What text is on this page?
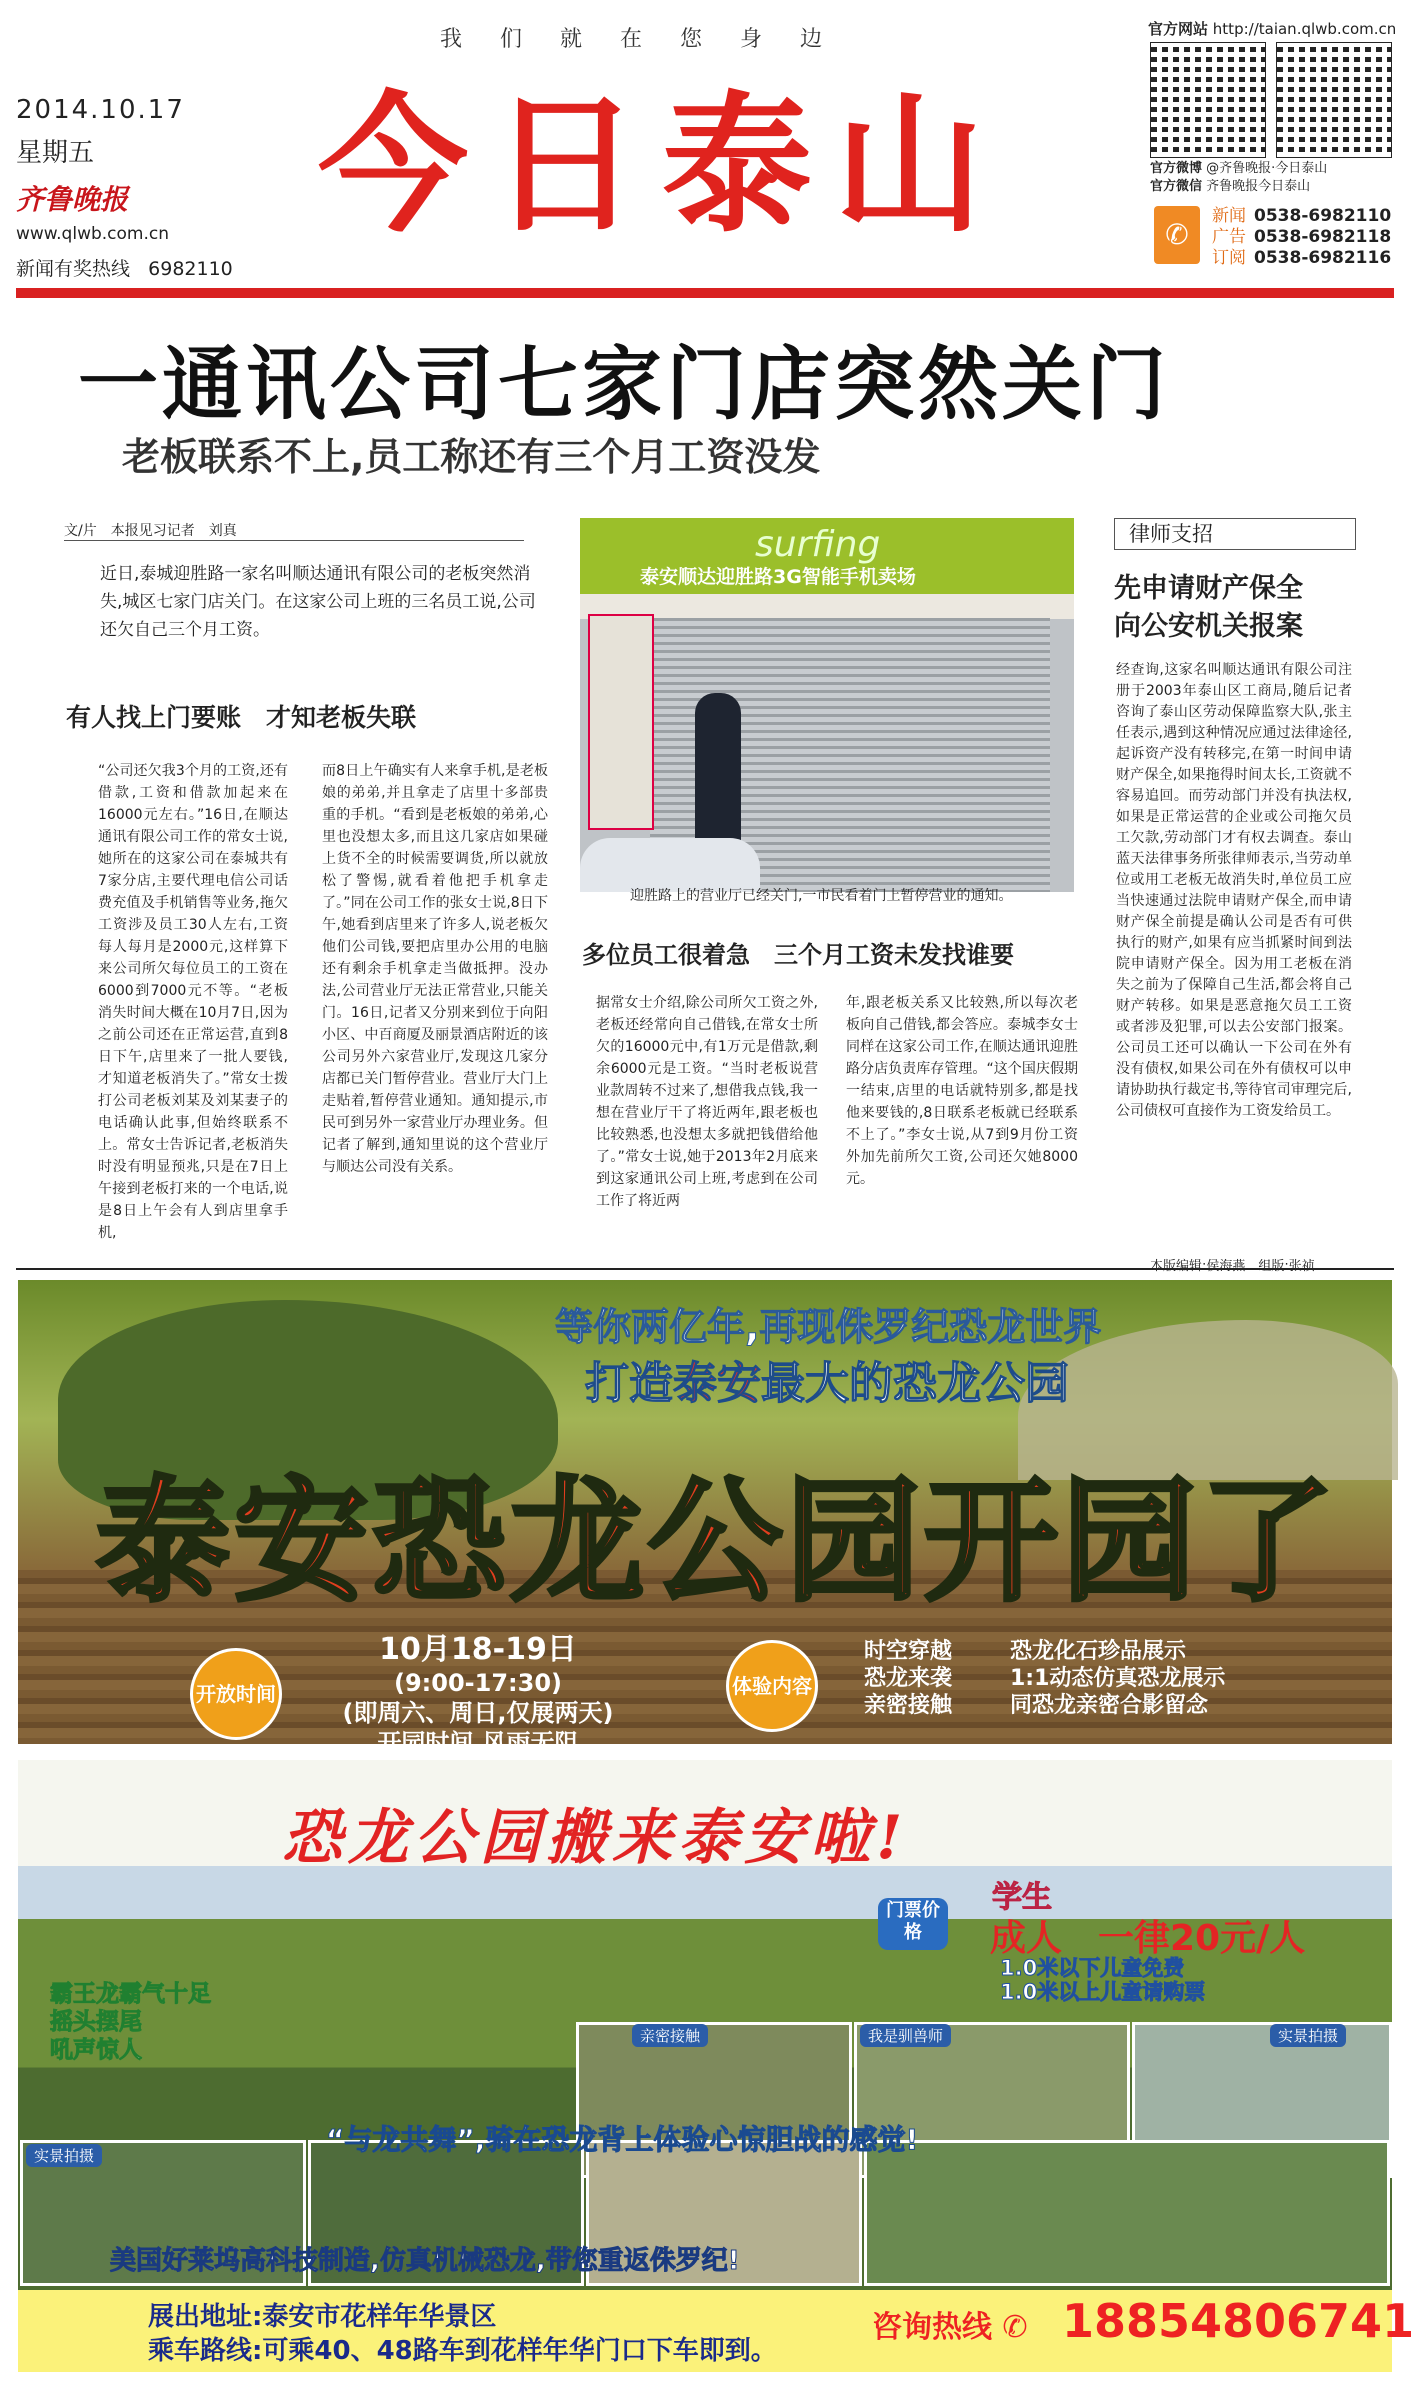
我们就在您身边
2014.10.17
星期五
齐鲁晚报
www.qlwb.com.cn
新闻有奖热线 6982110
今日泰山
官方网站 http://taian.qlwb.com.cn
官方微博 @齐鲁晚报·今日泰山
官方微信 齐鲁晚报今日泰山
✆
新闻 0538-6982110
广告 0538-6982118
订阅 0538-6982116
一通讯公司七家门店突然关门
老板联系不上,员工称还有三个月工资没发
文/片　本报见习记者　刘真
近日,泰城迎胜路一家名叫顺达通讯有限公司的老板突然消失,城区七家门店关门。在这家公司上班的三名员工说,公司还欠自己三个月工资。
有人找上门要账　才知老板失联
“公司还欠我3个月的工资,还有借款,工资和借款加起来在16000元左右。”16日,在顺达通讯有限公司工作的常女士说,她所在的这家公司在泰城共有7家分店,主要代理电信公司话费充值及手机销售等业务,拖欠工资涉及员工30人左右,工资每人每月是2000元,这样算下来公司所欠每位员工的工资在6000到7000元不等。“老板消失时间大概在10月7日,因为之前公司还在正常运营,直到8日下午,店里来了一批人要钱,才知道老板消失了。”常女士拨打公司老板刘某及刘某妻子的电话确认此事,但始终联系不上。常女士告诉记者,老板消失时没有明显预兆,只是在7日上午接到老板打来的一个电话,说是8日上午会有人到店里拿手机,
而8日上午确实有人来拿手机,是老板娘的弟弟,并且拿走了店里十多部贵重的手机。“看到是老板娘的弟弟,心里也没想太多,而且这几家店如果碰上货不全的时候需要调货,所以就放松了警惕,就看着他把手机拿走了。”同在公司工作的张女士说,8日下午,她看到店里来了许多人,说老板欠他们公司钱,要把店里办公用的电脑还有剩余手机拿走当做抵押。没办法,公司营业厅无法正常营业,只能关门。16日,记者又分别来到位于向阳小区、中百商厦及丽景酒店附近的该公司另外六家营业厅,发现这几家分店都已关门暂停营业。营业厅大门上走贴着,暂停营业通知。通知提示,市民可到另外一家营业厅办理业务。但记者了解到,通知里说的这个营业厅与顺达公司没有关系。
surfing
泰安顺达迎胜路3G智能手机卖场
迎胜路上的营业厅已经关门,一市民看着门上暂停营业的通知。
多位员工很着急　三个月工资未发找谁要
据常女士介绍,除公司所欠工资之外,老板还经常向自己借钱,在常女士所欠的16000元中,有1万元是借款,剩余6000元是工资。“当时老板说营业款周转不过来了,想借我点钱,我一想在营业厅干了将近两年,跟老板也比较熟悉,也没想太多就把钱借给他了。”常女士说,她于2013年2月底来到这家通讯公司上班,考虑到在公司工作了将近两
年,跟老板关系又比较熟,所以每次老板向自己借钱,都会答应。泰城李女士同样在这家公司工作,在顺达通讯迎胜路分店负责库存管理。“这个国庆假期一结束,店里的电话就特别多,都是找他来要钱的,8日联系老板就已经联系不上了。”李女士说,从7到9月份工资外加先前所欠工资,公司还欠她8000元。
律师支招
先申请财产保全向公安机关报案
经查询,这家名叫顺达通讯有限公司注册于2003年泰山区工商局,随后记者咨询了泰山区劳动保障监察大队,张主任表示,遇到这种情况应通过法律途径,起诉资产没有转移完,在第一时间申请财产保全,如果拖得时间太长,工资就不容易追回。而劳动部门并没有执法权,如果是正常运营的企业或公司拖欠员工欠款,劳动部门才有权去调查。泰山蓝天法律事务所张律师表示,当劳动单位或用工老板无故消失时,单位员工应当快速通过法院申请财产保全,而申请财产保全前提是确认公司是否有可供执行的财产,如果有应当抓紧时间到法院申请财产保全。因为用工老板在消失之前为了保障自己生活,都会将自己财产转移。如果是恶意拖欠员工工资或者涉及犯罪,可以去公安部门报案。公司员工还可以确认一下公司在外有没有债权,如果公司在外有债权可以申请协助执行裁定书,等待官司审理完后,公司债权可直接作为工资发给员工。
本版编辑:侯海燕　组版:张祯
等你两亿年,再现侏罗纪恐龙世界
打造泰安最大的恐龙公园
泰安恐龙公园开园了
开放时间
10月18-19日
(9:00-17:30)
(即周六、周日,仅展两天)
开园时间,风雨无阻
体验内容
时空穿越
恐龙来袭
亲密接触
恐龙化石珍品展示
1:1动态仿真恐龙展示
同恐龙亲密合影留念
亲密接触	我是驯兽师	实景拍摄
实景拍摄
恐龙公园搬来泰安啦!
门票价格
学生
成人　一律20元/人
1.0米以下儿童免费
1.0米以上儿童请购票
霸王龙霸气十足
摇头摆尾
吼声惊人
“与龙共舞”,骑在恐龙背上体验心惊胆战的感觉!
美国好莱坞高科技制造,仿真机械恐龙,带您重返侏罗纪!
展出地址:泰安市花样年华景区
乘车路线:可乘40、48路车到花样年华门口下车即到。
咨询热线 ✆ 18854806741
